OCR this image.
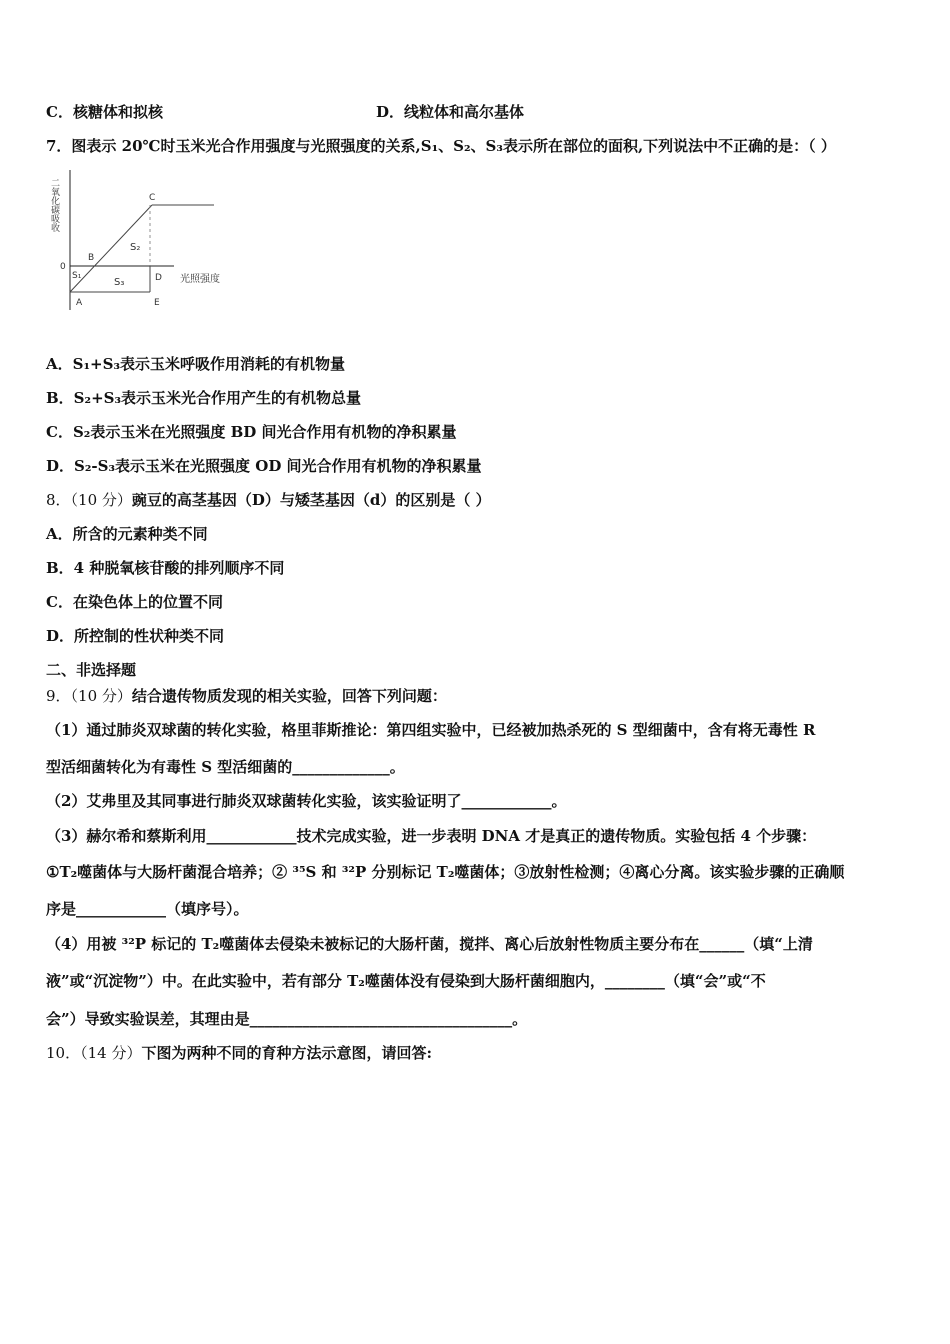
C．核糖体和拟核	D．线粒体和高尔基体
7．图表示 20℃时玉米光合作用强度与光照强度的关系,S₁、S₂、S₃表示所在部位的面积,下列说法中不正确的是：（ ）
二氧化碳吸收
0
光照强度
A
B
C
D
E
S₁
S₂
S₃
A．S₁+S₃表示玉米呼吸作用消耗的有机物量
B．S₂+S₃表示玉米光合作用产生的有机物总量
C．S₂表示玉米在光照强度 BD 间光合作用有机物的净积累量
D．S₂-S₃表示玉米在光照强度 OD 间光合作用有机物的净积累量
8．（10 分）豌豆的高茎基因（D）与矮茎基因（d）的区别是（ ）
A．所含的元素种类不同
B．4 种脱氧核苷酸的排列顺序不同
C．在染色体上的位置不同
D．所控制的性状种类不同
二、非选择题
9．（10 分）结合遗传物质发现的相关实验，回答下列问题：
（1）通过肺炎双球菌的转化实验，格里菲斯推论：第四组实验中，已经被加热杀死的 S 型细菌中，含有将无毒性 R
型活细菌转化为有毒性 S 型活细菌的_____________。
（2）艾弗里及其同事进行肺炎双球菌转化实验，该实验证明了____________。
（3）赫尔希和蔡斯利用____________技术完成实验，进一步表明 DNA 才是真正的遗传物质。实验包括 4 个步骤：
①T₂噬菌体与大肠杆菌混合培养；② ³⁵S 和 ³²P 分别标记 T₂噬菌体；③放射性检测；④离心分离。该实验步骤的正确顺
序是____________（填序号）。
（4）用被 ³²P 标记的 T₂噬菌体去侵染未被标记的大肠杆菌，搅拌、离心后放射性物质主要分布在______（填“上清
液”或“沉淀物”）中。在此实验中，若有部分 T₂噬菌体没有侵染到大肠杆菌细胞内，________（填“会”或“不
会”）导致实验误差，其理由是___________________________________。
10．（14 分）下图为两种不同的育种方法示意图，请回答:
